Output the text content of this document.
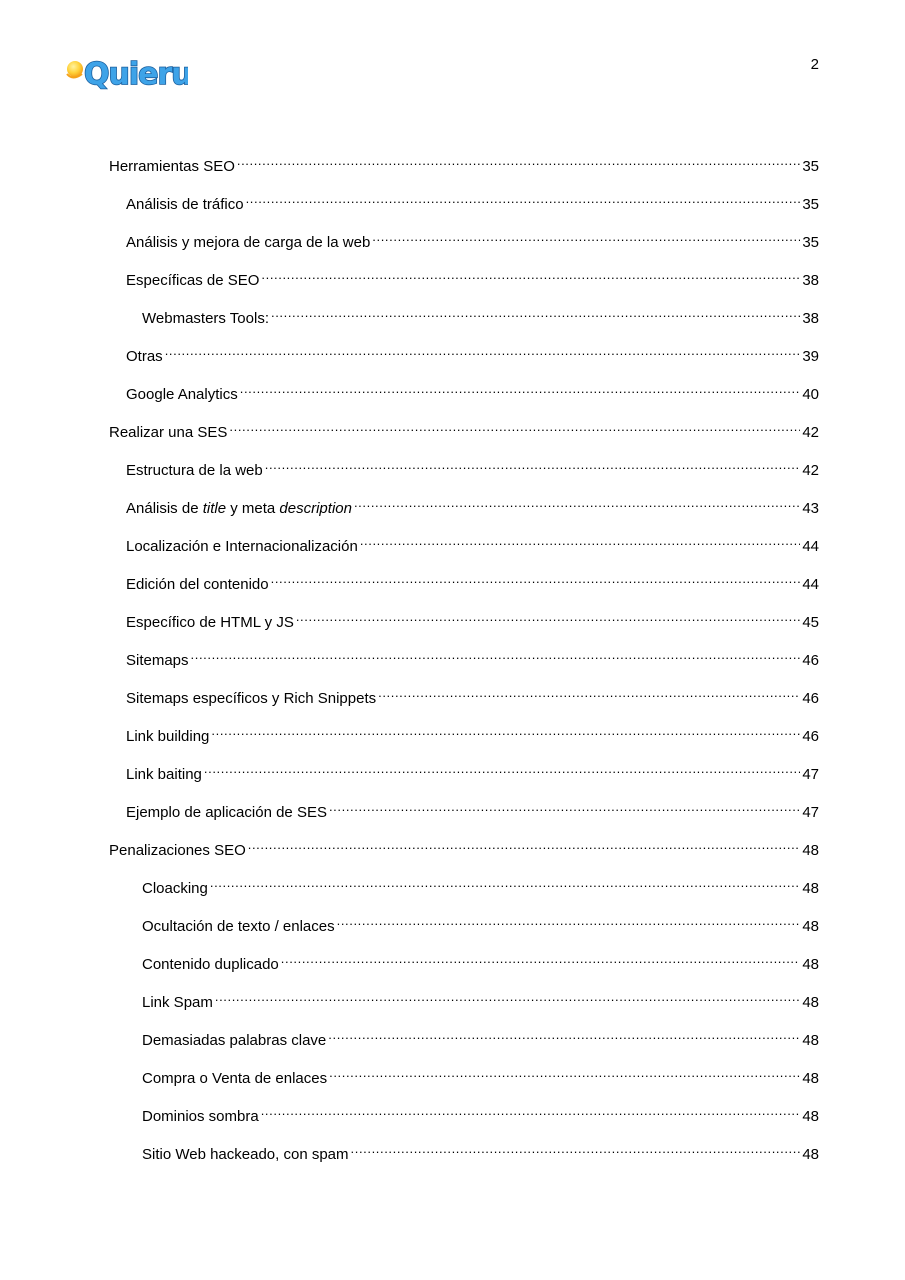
Quieru	2
Herramientas SEO .....	35
Análisis de tráfico .....	35
Análisis y mejora de carga de la web .....	35
Específicas de SEO .....	38
Webmasters Tools: .....	38
Otras .....	39
Google Analytics .....	40
Realizar una SES .....	42
Estructura de la web .....	42
Análisis de title y meta description .....	43
Localización e Internacionalización .....	44
Edición del contenido .....	44
Específico de HTML y JS .....	45
Sitemaps .....	46
Sitemaps específicos y Rich Snippets .....	46
Link building .....	46
Link baiting .....	47
Ejemplo de aplicación de SES .....	47
Penalizaciones SEO .....	48
Cloacking .....	48
Ocultación de texto / enlaces .....	48
Contenido duplicado .....	48
Link Spam .....	48
Demasiadas palabras clave .....	48
Compra o Venta de enlaces .....	48
Dominios sombra .....	48
Sitio Web hackeado, con spam .....	48
